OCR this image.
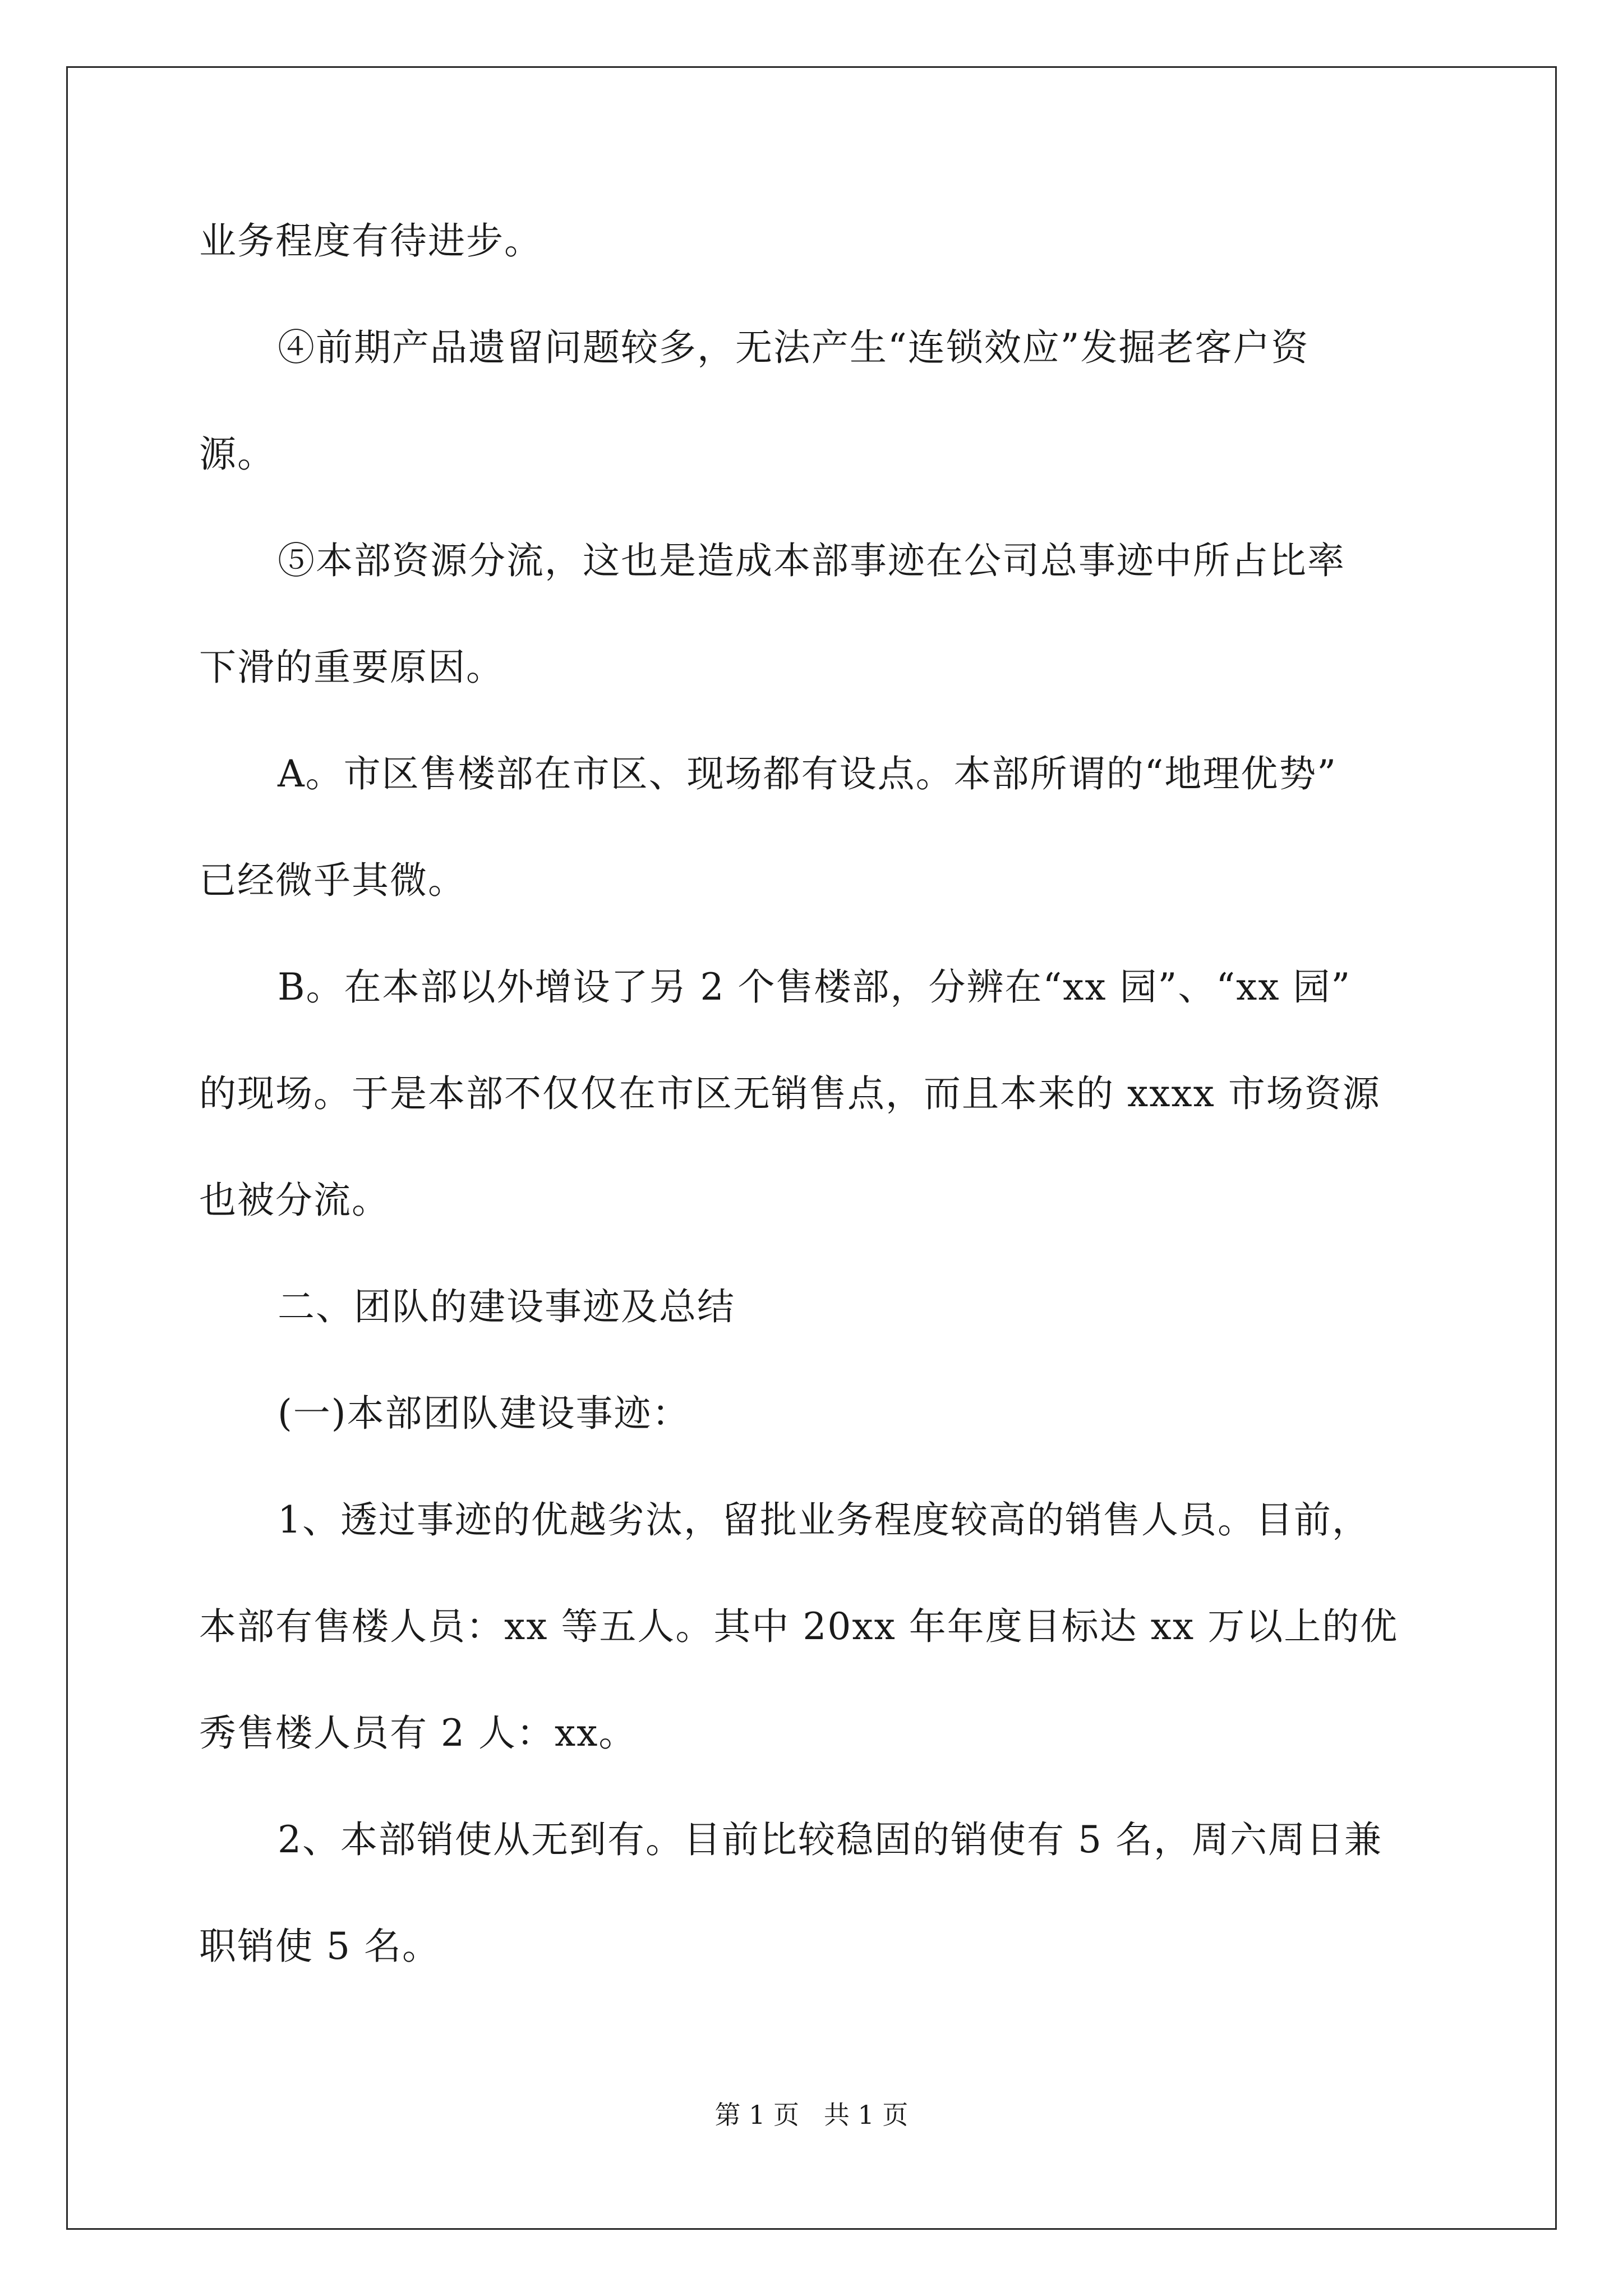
业务程度有待进步。
④前期产品遗留问题较多，无法产生“连锁效应”发掘老客户资
源。
⑤本部资源分流，这也是造成本部事迹在公司总事迹中所占比率
下滑的重要原因。
A。市区售楼部在市区、现场都有设点。本部所谓的“地理优势”
已经微乎其微。
B。在本部以外增设了另 2 个售楼部，分辨在“xx 园”、“xx 园”
的现场。于是本部不仅仅在市区无销售点，而且本来的 xxxx 市场资源
也被分流。
二、团队的建设事迹及总结
(一)本部团队建设事迹：
1、透过事迹的优越劣汰，留批业务程度较高的销售人员。目前，
本部有售楼人员：xx 等五人。其中 20xx 年年度目标达 xx 万以上的优
秀售楼人员有 2 人：xx。
2、本部销使从无到有。目前比较稳固的销使有 5 名，周六周日兼
职销使 5 名。
第 1 页   共 1 页
